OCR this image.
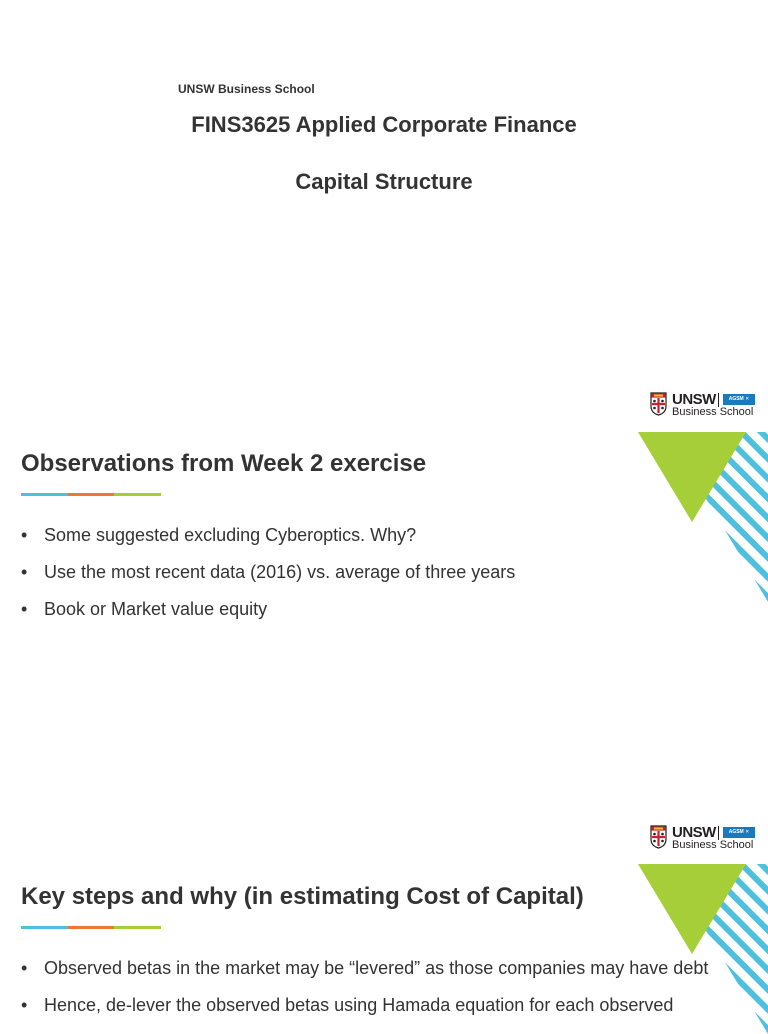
UNSW Business School
FINS3625 Applied Corporate Finance
Capital Structure
UNSW	AGSM ✕
Business School
Observations from Week 2 exercise
• Some suggested excluding Cyberoptics. Why?
• Use the most recent data (2016) vs. average of three years
• Book or Market value equity
UNSW	AGSM ✕
Business School
Key steps and why (in estimating Cost of Capital)
• Observed betas in the market may be “levered” as those companies may have debt
• Hence, de-lever the observed betas using Hamada equation for each observed
